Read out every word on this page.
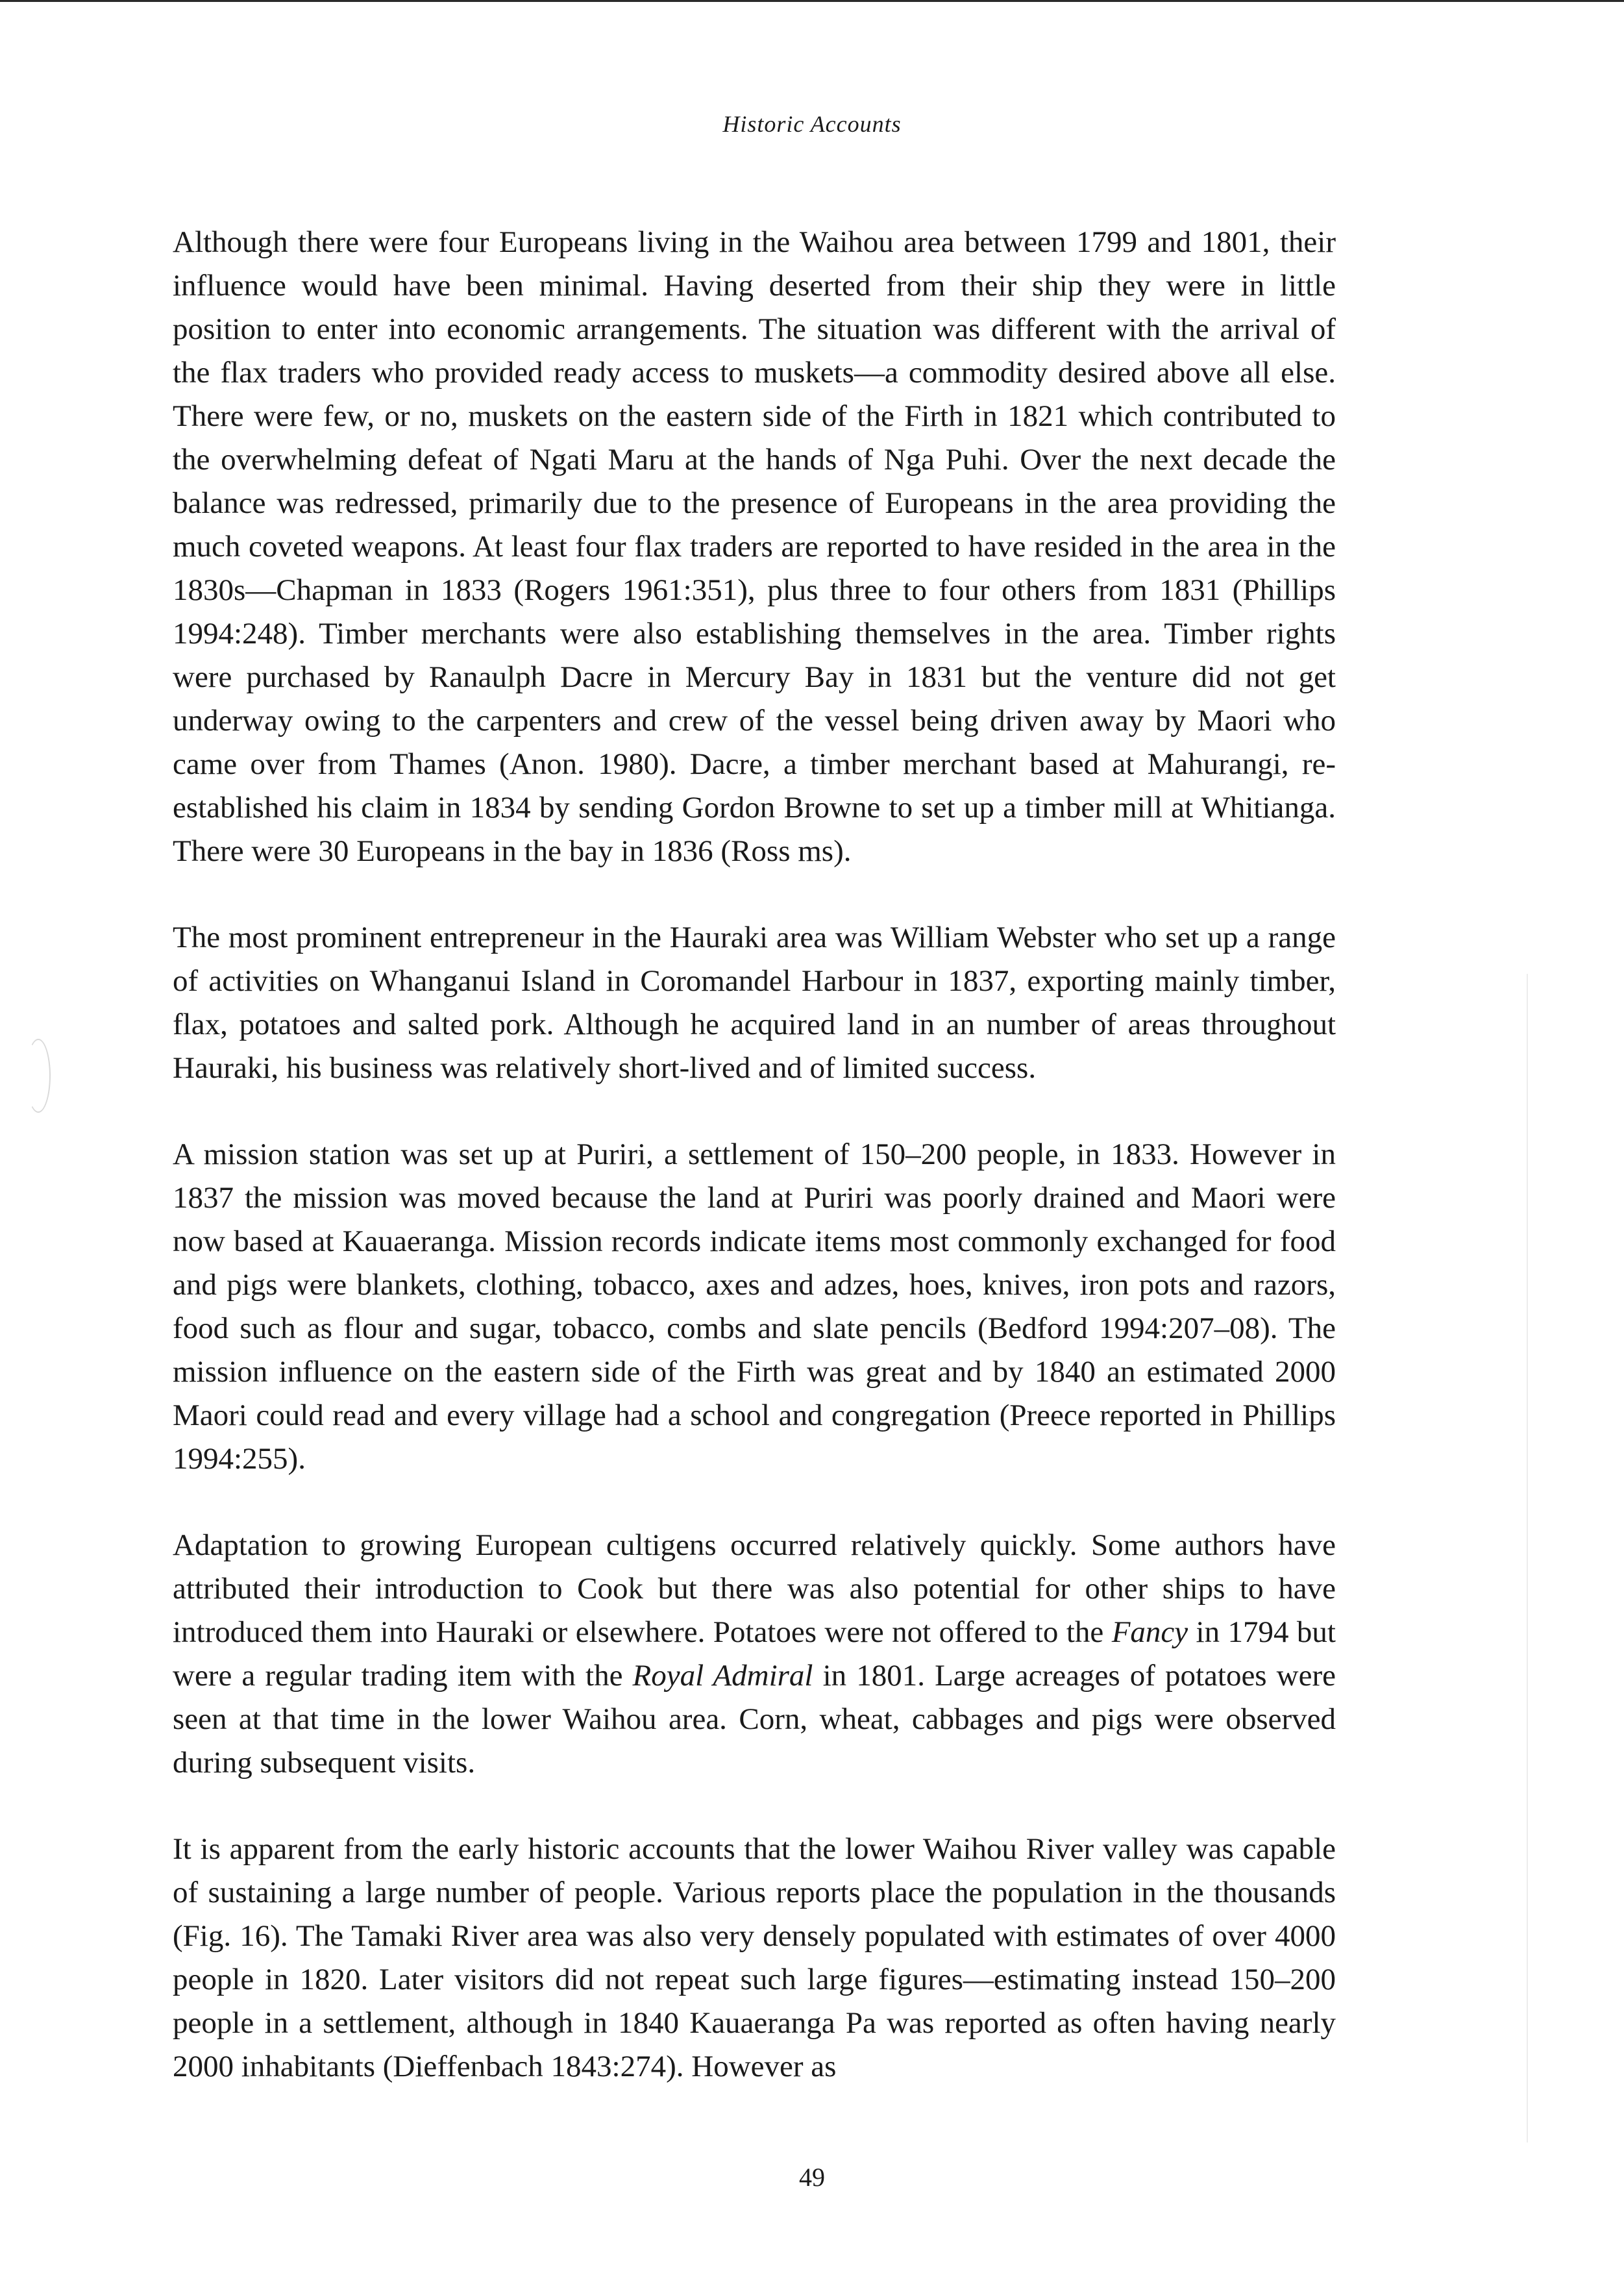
Historic Accounts

Although there were four Europeans living in the Waihou area between 1799 and 1801, their influence would have been minimal. Having deserted from their ship they were in little position to enter into economic arrangements. The situation was different with the arrival of the flax traders who provided ready access to muskets—a commodity desired above all else. There were few, or no, muskets on the eastern side of the Firth in 1821 which contributed to the overwhelming defeat of Ngati Maru at the hands of Nga Puhi. Over the next decade the balance was redressed, primarily due to the presence of Europeans in the area providing the much coveted weapons. At least four flax traders are reported to have resided in the area in the 1830s—Chapman in 1833 (Rogers 1961:351), plus three to four others from 1831 (Phillips 1994:248). Timber merchants were also establishing themselves in the area. Timber rights were purchased by Ranaulph Dacre in Mercury Bay in 1831 but the venture did not get underway owing to the carpenters and crew of the vessel being driven away by Maori who came over from Thames (Anon. 1980). Dacre, a timber merchant based at Mahurangi, re-established his claim in 1834 by sending Gordon Browne to set up a timber mill at Whitianga. There were 30 Europeans in the bay in 1836 (Ross ms).

The most prominent entrepreneur in the Hauraki area was William Webster who set up a range of activities on Whanganui Island in Coromandel Harbour in 1837, exporting mainly timber, flax, potatoes and salted pork. Although he acquired land in an number of areas throughout Hauraki, his business was relatively short-lived and of limited success.

A mission station was set up at Puriri, a settlement of 150–200 people, in 1833. However in 1837 the mission was moved because the land at Puriri was poorly drained and Maori were now based at Kauaeranga. Mission records indicate items most commonly exchanged for food and pigs were blankets, clothing, tobacco, axes and adzes, hoes, knives, iron pots and razors, food such as flour and sugar, tobacco, combs and slate pencils (Bedford 1994:207–08). The mission influence on the eastern side of the Firth was great and by 1840 an estimated 2000 Maori could read and every village had a school and congregation (Preece reported in Phillips 1994:255).

Adaptation to growing European cultigens occurred relatively quickly. Some authors have attributed their introduction to Cook but there was also potential for other ships to have introduced them into Hauraki or elsewhere. Potatoes were not offered to the Fancy in 1794 but were a regular trading item with the Royal Admiral in 1801. Large acreages of potatoes were seen at that time in the lower Waihou area. Corn, wheat, cabbages and pigs were observed during subsequent visits.

It is apparent from the early historic accounts that the lower Waihou River valley was capable of sustaining a large number of people. Various reports place the population in the thousands (Fig. 16). The Tamaki River area was also very densely populated with estimates of over 4000 people in 1820. Later visitors did not repeat such large figures—estimating instead 150–200 people in a settlement, although in 1840 Kauaeranga Pa was reported as often having nearly 2000 inhabitants (Dieffenbach 1843:274). However as

49
